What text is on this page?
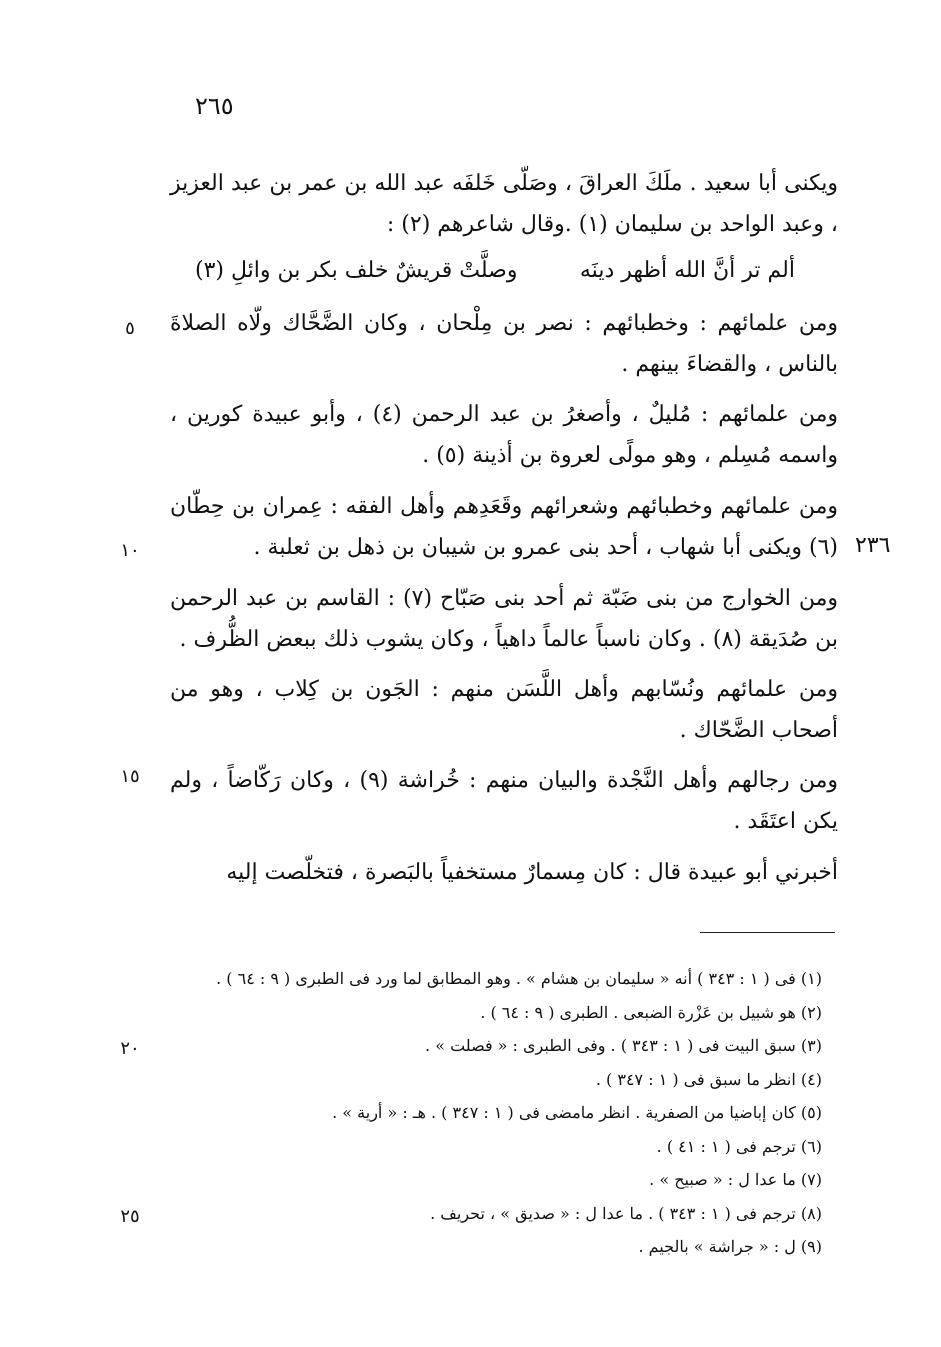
٢٦٥

ويكنى أبا سعيد . ملَكَ العراقَ ، وصَلّى خَلفَه عبد الله بن عمر بن عبد العزيز ، وعبد الواحد بن سليمان (١) .وقال شاعرهم (٢) :

ألم تر أنَّ الله أظهر دينَه
وصلَّتْ قريشٌ خلف بكر بن وائلِ (٣)

ومن علمائهم : وخطبائهم : نصر بن مِلْحان ، وكان الضَّحَّاك ولّاه الصلاةَ بالناس ، والقضاءَ بينهم .

ومن علمائهم : مُليلٌ ، وأصغرُ بن عبد الرحمن (٤) ، وأبو عبيدة كورين ، واسمه مُسِلم ، وهو مولًى لعروة بن أذينة (٥) .

ومن علمائهم وخطبائهم وشعرائهم وقَعَدِهم وأهل الفقه : عِمران بن حِطّان (٦) ويكنى أبا شهاب ، أحد بنى عمرو بن شيبان بن ذهل بن ثعلبة .

ومن الخوارج من بنى ضَبّة ثم أحد بنى صَبّاح (٧) : القاسم بن عبد الرحمن بن صُدَيقة (٨) . وكان ناسباً عالماً داهياً ، وكان يشوب ذلك ببعض الظُّرف .

ومن علمائهم ونُسّابهم وأهل اللَّسَن منهم : الجَون بن كِلاب ، وهو من أصحاب الضَّحّاك .

ومن رجالهم وأهل النَّجْدة والبيان منهم : خُراشة (٩) ، وكان رَكّاضاً ، ولم يكن اعتَقَد .

أخبرني أبو عبيدة قال : كان مِسمارٌ مستخفياً بالبَصرة ، فتخلّصت إليه

٥
١٠	٢٣٦
١٥
٢٠
٢٥
(١) فى ( ١ : ٣٤٣ ) أنه « سليمان بن هشام » . وهو المطابق لما ورد فى الطبرى ( ٩ : ٦٤ ) .
(٢) هو شبيل بن عَزْرة الضبعى . الطبرى ( ٩ : ٦٤ ) .
(٣) سبق البيت فى ( ١ : ٣٤٣ ) . وفى الطبرى : « فصلت » .
(٤) انظر ما سبق فى ( ١ : ٣٤٧ ) .
(٥) كان إباضيا من الصفرية . انظر مامضى فى ( ١ : ٣٤٧ ) . هـ : « أرية » .
(٦) ترجم فى ( ١ : ٤١ ) .
(٧) ما عدا ل : « صبيح » .
(٨) ترجم فى ( ١ : ٣٤٣ ) . ما عدا ل : « صديق » ، تحريف .
(٩) ل : « جراشة » بالجيم .
